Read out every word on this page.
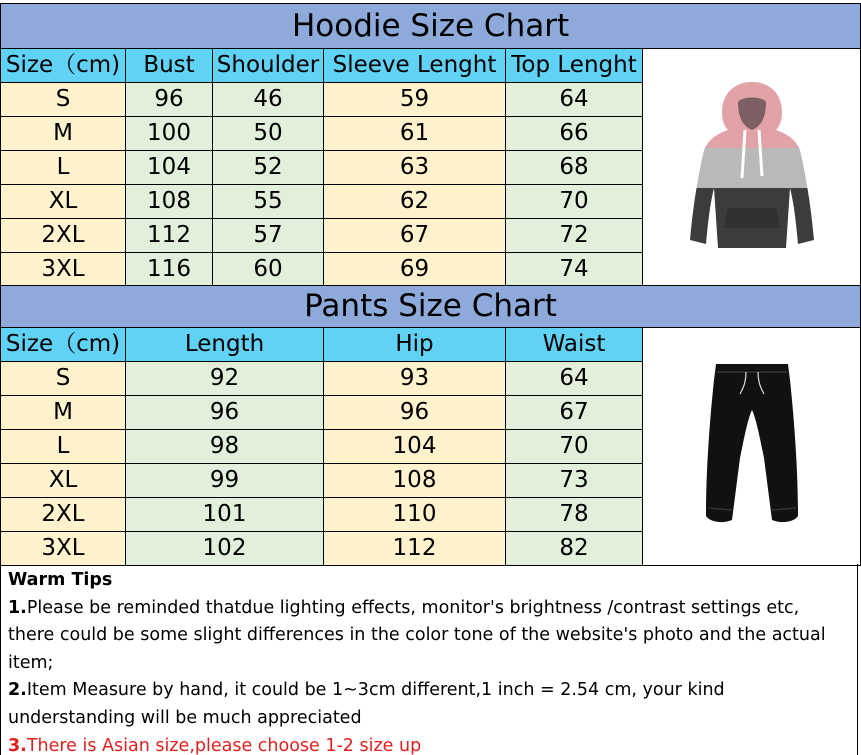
Hoodie Size Chart					
Size（cm)	Bust	Shoulder	Sleeve Lenght	Top Lenght	
S	96	46	59	64	
M	100	50	61	66	
L	104	52	63	68	
XL	108	55	62	70	
2XL	112	57	67	72	
3XL	116	60	69	74	
Pants Size Chart				
Size（cm)	Length	Hip	Waist	
S	92	93	64	
M	96	96	67	
L	98	104	70	
XL	99	108	73	
2XL	101	110	78	
3XL	102	112	82	
Warm Tips
1.Please be reminded thatdue lighting effects, monitor's brightness /contrast settings etc, there could be some slight differences in the color tone of the website's photo and the actual item;
2.Item Measure by hand, it could be 1~3cm different,1 inch = 2.54 cm, your kind understanding will be much appreciated
3.There is Asian size,please choose 1-2 size up
